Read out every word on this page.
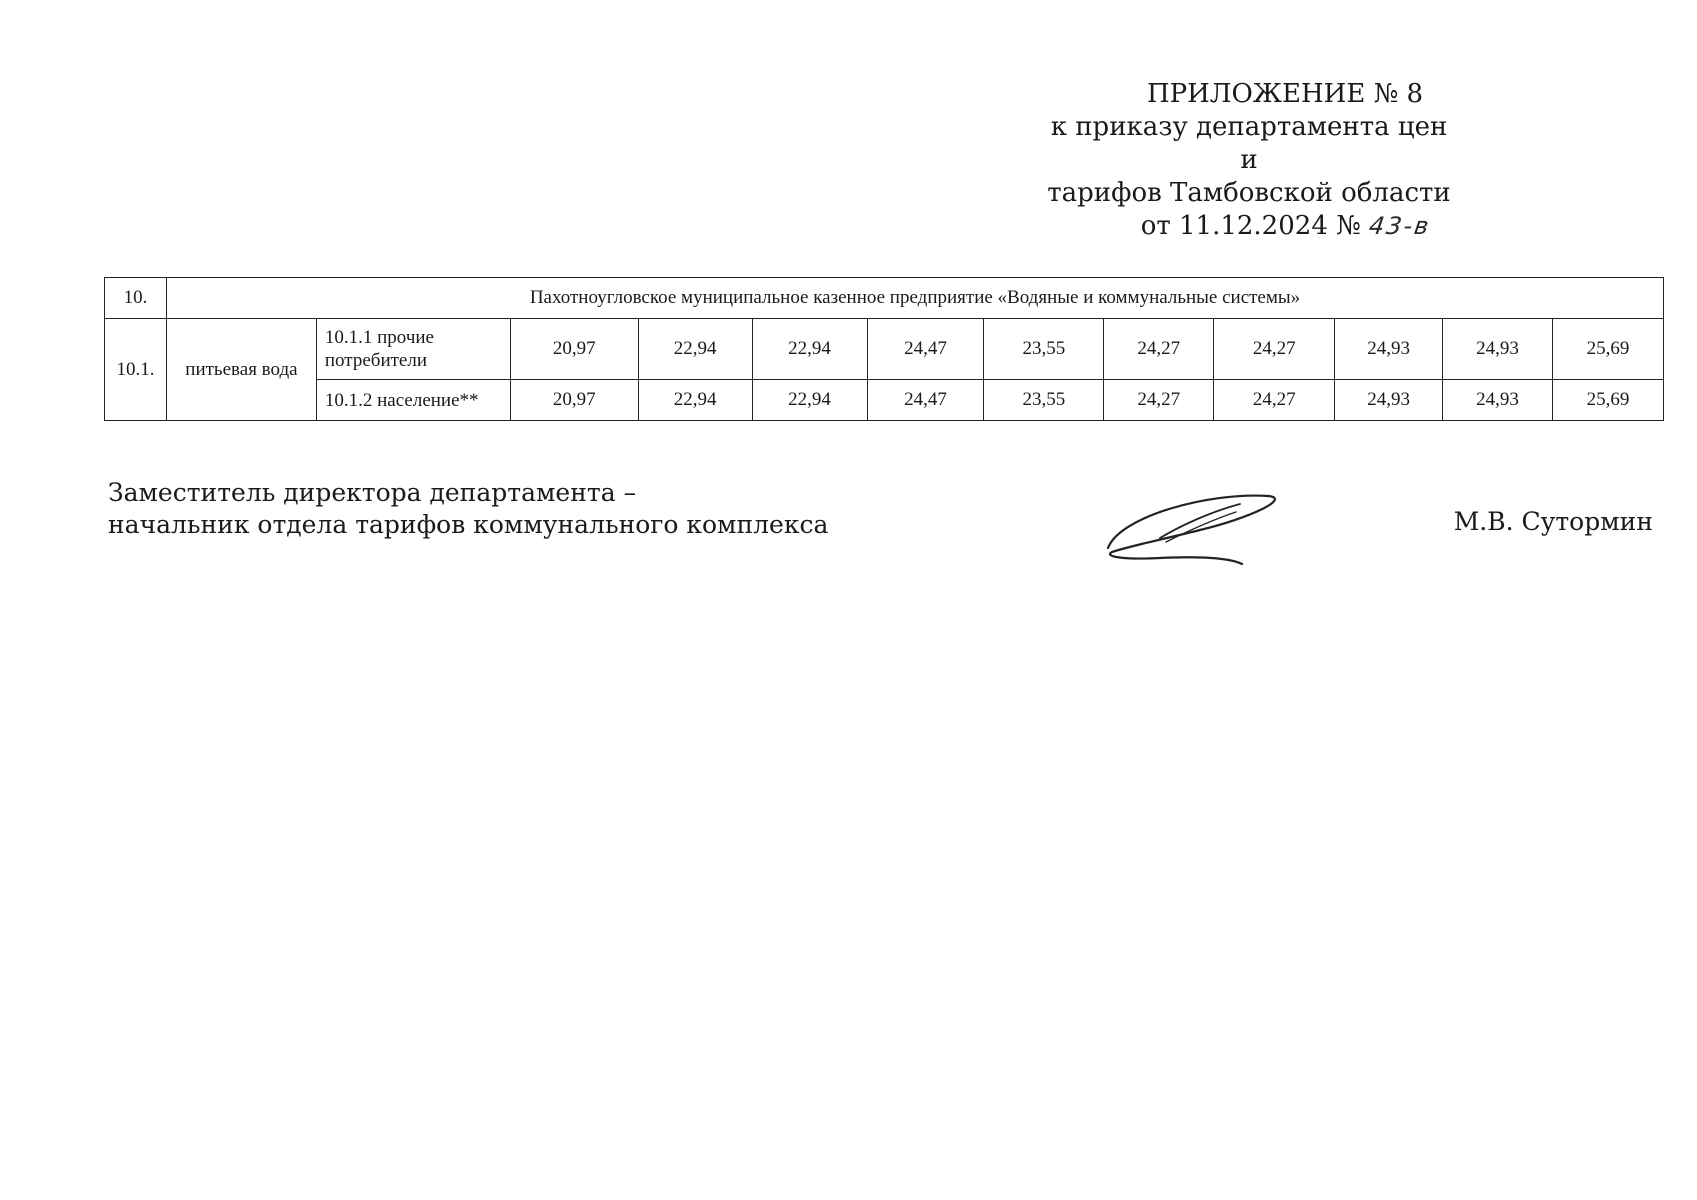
ПРИЛОЖЕНИЕ № 8
к приказу департамента цен и
тарифов Тамбовской области
от 11.12.2024 № 43-в
10.	Пахотноугловское муниципальное казенное предприятие «Водяные и коммунальные системы»											
10.1.	питьевая вода	10.1.1 прочие потребители	20,97	22,94	22,94	24,47	23,55	24,27	24,27	24,93	24,93	25,69
		10.1.2 население**	20,97	22,94	22,94	24,47	23,55	24,27	24,27	24,93	24,93	25,69
Заместитель директора департамента –
начальник отдела тарифов коммунального комплекса	М.В. Сутормин
